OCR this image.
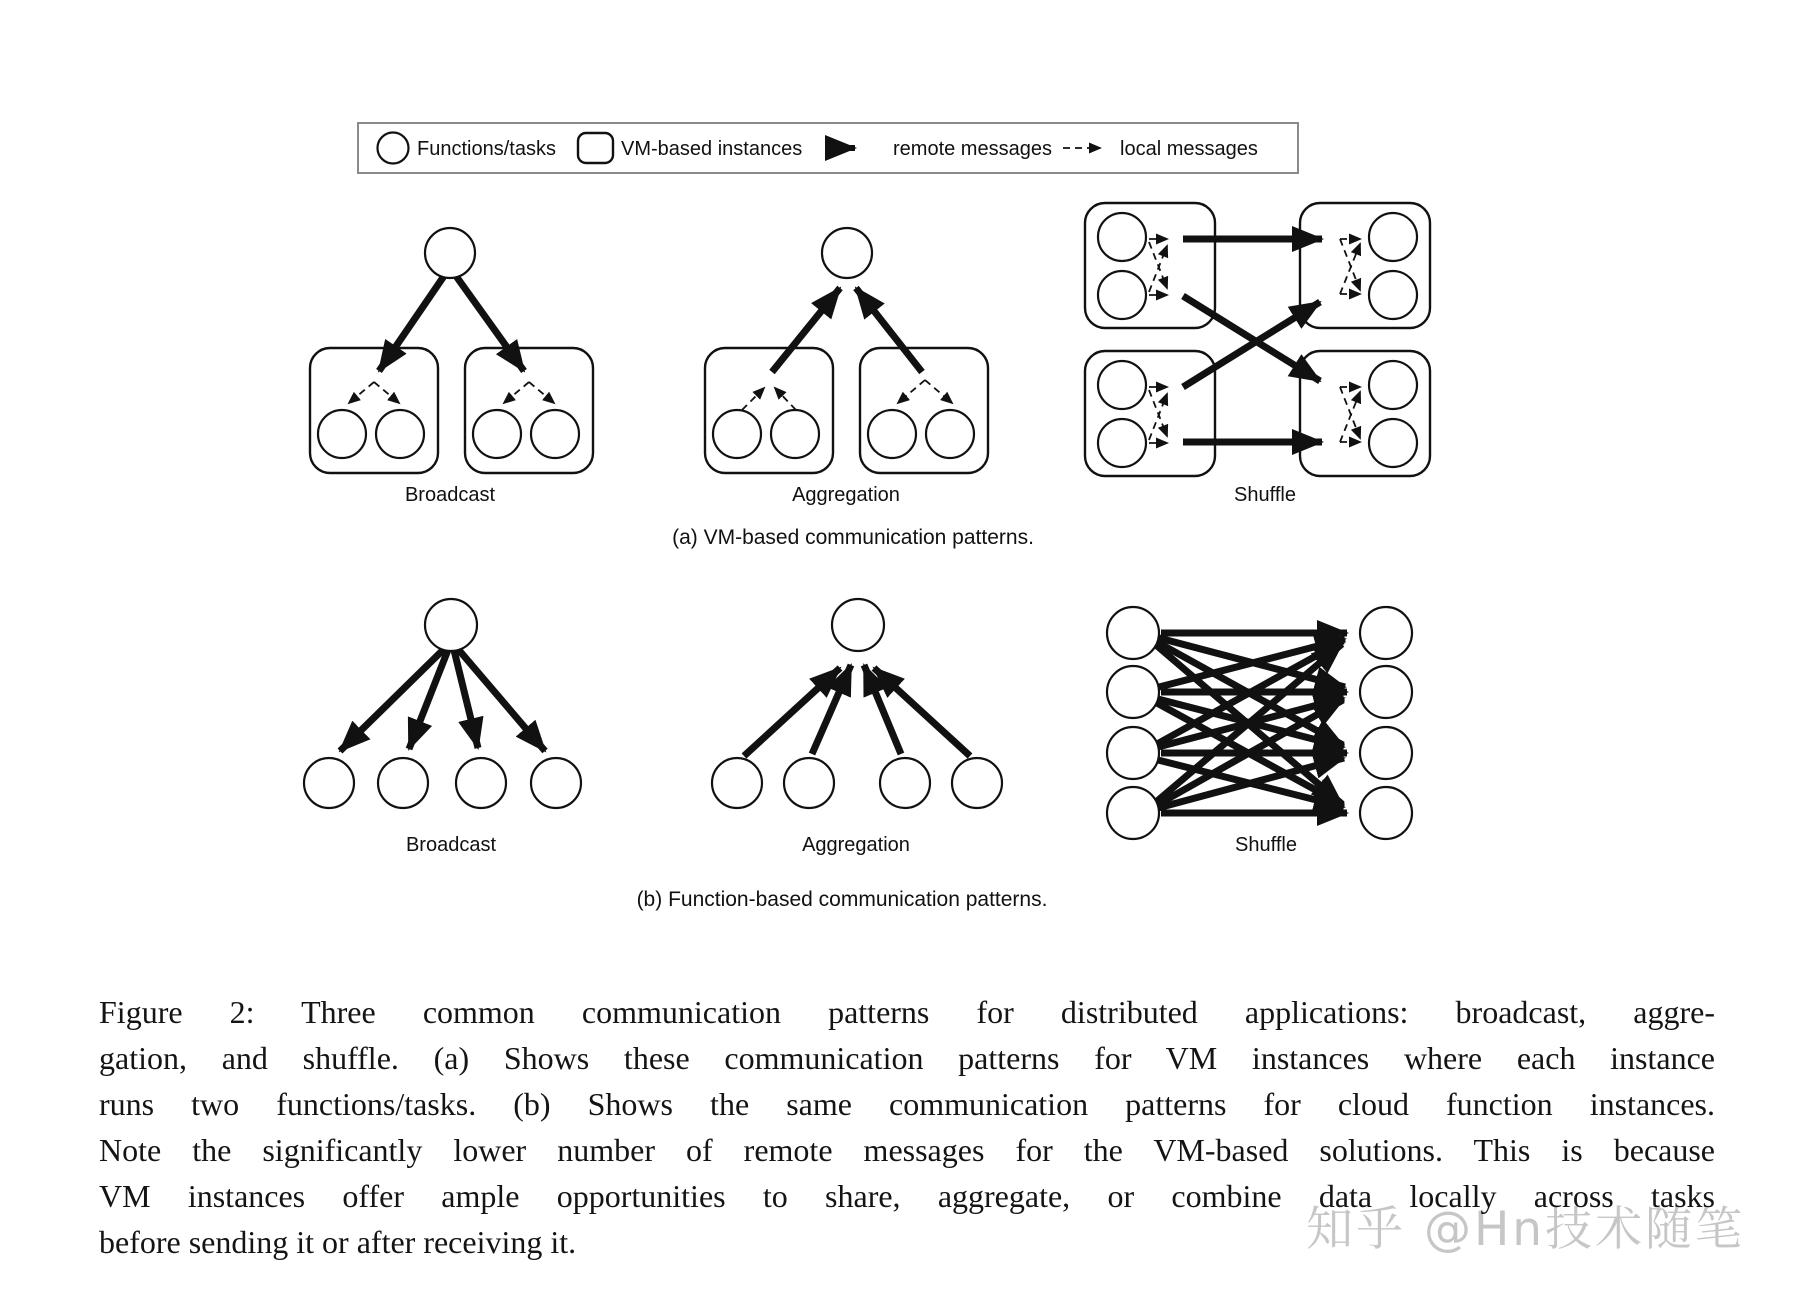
Functions/tasks	VM-based instances	remote messages	local messages
Broadcast	Aggregation	Shuffle
(a) VM-based communication patterns.
Broadcast	Aggregation	Shuffle
(b) Function-based communication patterns.
知乎 @Hn技术随笔
Figure 2: Three common communication patterns for distributed applications: broadcast, aggre-
gation, and shuffle. (a) Shows these communication patterns for VM instances where each instance
runs two functions/tasks. (b) Shows the same communication patterns for cloud function instances.
Note the significantly lower number of remote messages for the VM-based solutions. This is because
VM instances offer ample opportunities to share, aggregate, or combine data locally across tasks
before sending it or after receiving it.
